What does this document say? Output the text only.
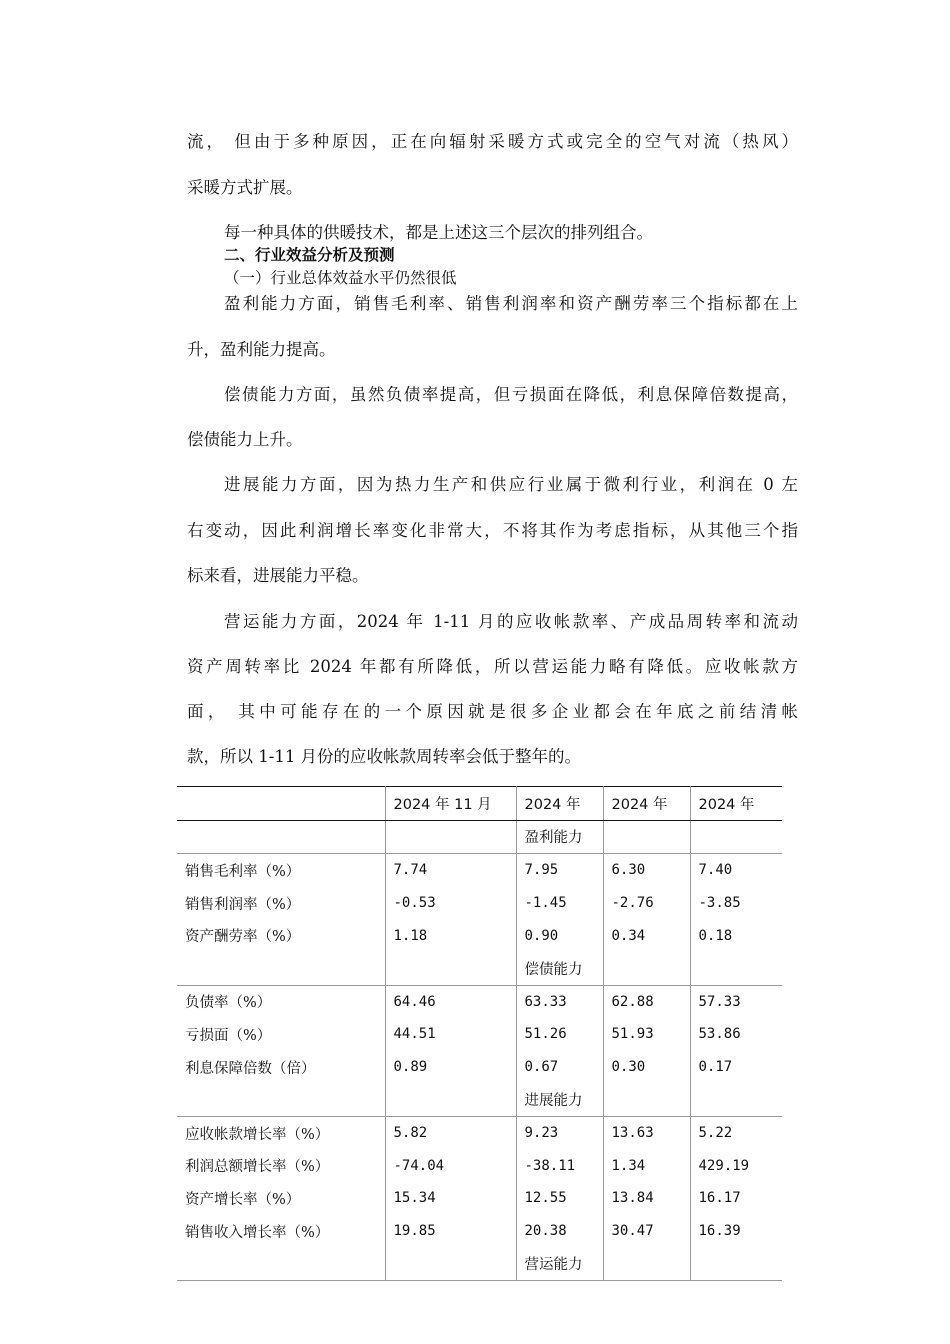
流， 但由于多种原因，正在向辐射采暖方式或完全的空气对流（热风）
采暖方式扩展。
每一种具体的供暖技术，都是上述这三个层次的排列组合。
二、行业效益分析及预测
（一）行业总体效益水平仍然很低
盈利能力方面，销售毛利率、销售利润率和资产酬劳率三个指标都在上
升，盈利能力提高。
偿债能力方面，虽然负债率提高，但亏损面在降低，利息保障倍数提高，
偿债能力上升。
进展能力方面，因为热力生产和供应行业属于微利行业，利润在 0 左
右变动，因此利润增长率变化非常大，不将其作为考虑指标，从其他三个指
标来看，进展能力平稳。
营运能力方面，2024 年 1-11 月的应收帐款率、产成品周转率和流动
资产周转率比 2024 年都有所降低，所以营运能力略有降低。应收帐款方
面， 其中可能存在的一个原因就是很多企业都会在年底之前结清帐
款，所以 1-11 月份的应收帐款周转率会低于整年的。
	2024 年 11 月	2024 年	2024 年	2024 年
		盈利能力		
销售毛利率（%）	7.74	7.95	6.30	7.40
销售利润率（%）	-0.53	-1.45	-2.76	-3.85
资产酬劳率（%）	1.18	0.90	0.34	0.18
		偿债能力		
负债率（%）	64.46	63.33	62.88	57.33
亏损面（%）	44.51	51.26	51.93	53.86
利息保障倍数（倍）	0.89	0.67	0.30	0.17
		进展能力		
应收帐款增长率（%）	5.82	9.23	13.63	5.22
利润总额增长率（%）	-74.04	-38.11	1.34	429.19
资产增长率（%）	15.34	12.55	13.84	16.17
销售收入增长率（%）	19.85	20.38	30.47	16.39
		营运能力		
